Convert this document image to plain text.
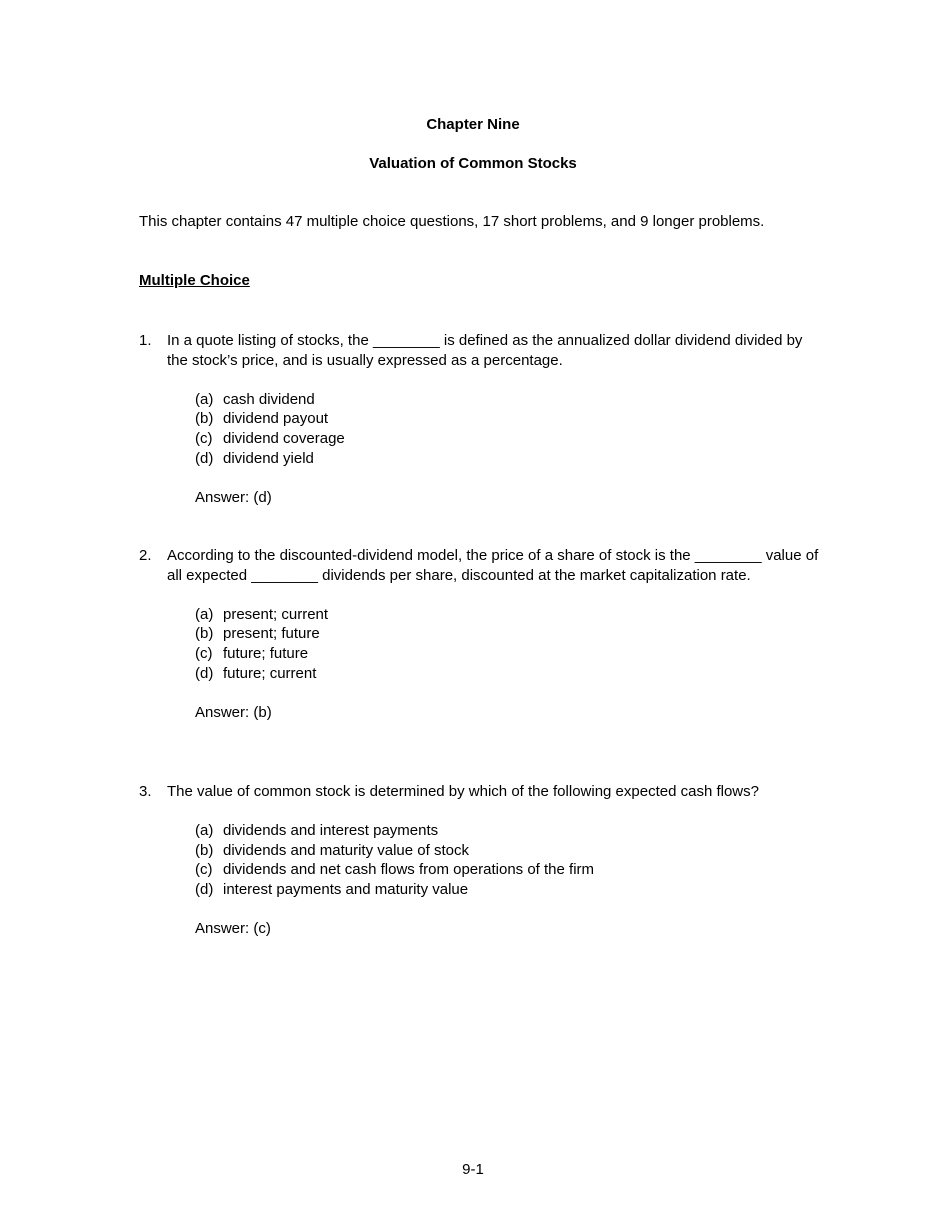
Chapter Nine
Valuation of Common Stocks
This chapter contains 47 multiple choice questions, 17 short problems, and 9 longer problems.
Multiple Choice
1.	In a quote listing of stocks, the ________ is defined as the annualized dollar dividend divided by the stock’s price, and is usually expressed as a percentage.
(a) cash dividend
(b) dividend payout
(c) dividend coverage
(d) dividend yield
Answer: (d)
2.	According to the discounted-dividend model, the price of a share of stock is the ________ value of all expected ________ dividends per share, discounted at the market capitalization rate.
(a) present; current
(b) present; future
(c) future; future
(d) future; current
Answer: (b)
3.	The value of common stock is determined by which of the following expected cash flows?
(a) dividends and interest payments
(b) dividends and maturity value of stock
(c) dividends and net cash flows from operations of the firm
(d) interest payments and maturity value
Answer: (c)
9-1
